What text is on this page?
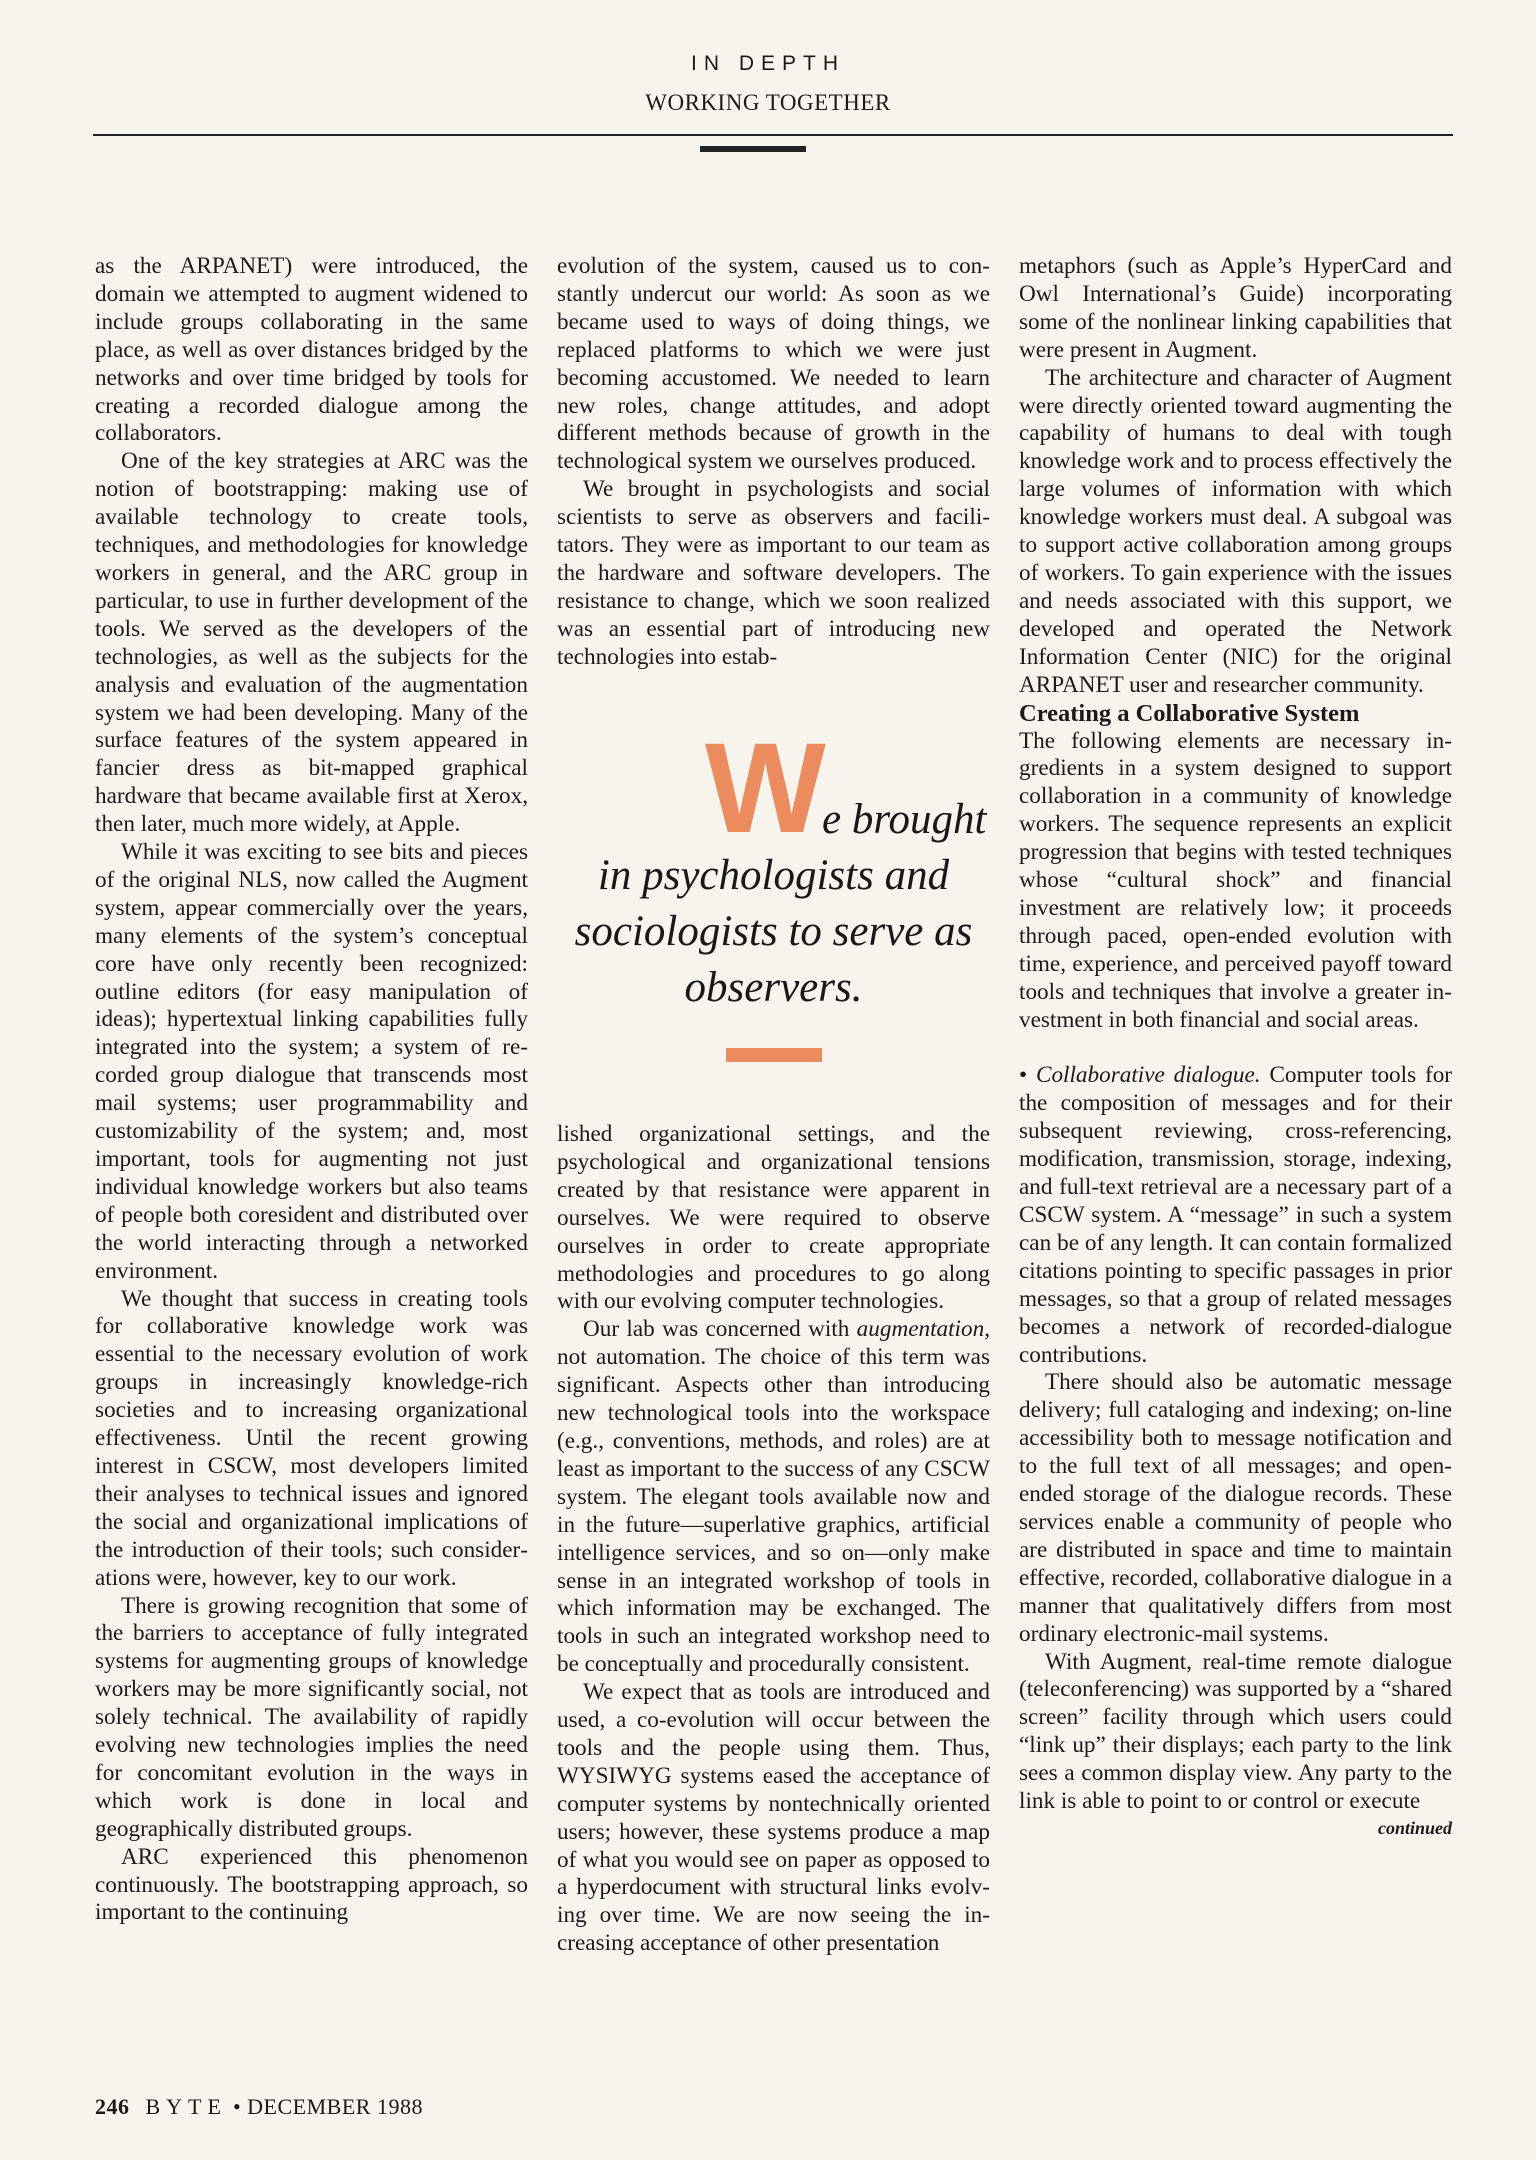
IN DEPTH
WORKING TOGETHER

as the ARPANET) were introduced, the domain we attempted to augment widened to include groups collaborating in the same place, as well as over distances bridged by the networks and over time bridged by tools for creating a recorded dialogue among the collaborators.

One of the key strategies at ARC was the notion of bootstrapping: making use of available technology to create tools, techniques, and methodologies for knowledge workers in general, and the ARC group in particular, to use in further development of the tools. We served as the developers of the technologies, as well as the subjects for the analysis and evaluation of the augmentation system we had been developing. Many of the surface features of the system appeared in fancier dress as bit-mapped graphical hardware that became available first at Xerox, then later, much more widely, at Apple.

While it was exciting to see bits and pieces of the original NLS, now called the Augment system, appear commercially over the years, many elements of the system’s conceptual core have only recently been recognized: outline editors (for easy manipulation of ideas); hypertextual linking capabilities fully integrated into the system; a system of recorded group dialogue that transcends most mail systems; user programmability and customizability of the system; and, most important, tools for augmenting not just individual knowledge workers but also teams of people both coresident and distributed over the world interacting through a networked environment.

We thought that success in creating tools for collaborative knowledge work was essential to the necessary evolution of work groups in increasingly knowledge-rich societies and to increasing organizational effectiveness. Until the recent growing interest in CSCW, most developers limited their analyses to technical issues and ignored the social and organizational implications of the introduction of their tools; such considerations were, however, key to our work.

There is growing recognition that some of the barriers to acceptance of fully integrated systems for augmenting groups of knowledge workers may be more significantly social, not solely technical. The availability of rapidly evolving new technologies implies the need for concomitant evolution in the ways in which work is done in local and geographically distributed groups.

ARC experienced this phenomenon continuously. The bootstrapping approach, so important to the continuing

evolution of the system, caused us to constantly undercut our world: As soon as we became used to ways of doing things, we replaced platforms to which we were just becoming accustomed. We needed to learn new roles, change attitudes, and adopt different methods because of growth in the technological system we ourselves produced.

We brought in psychologists and social scientists to serve as observers and facilitators. They were as important to our team as the hardware and software developers. The resistance to change, which we soon realized was an essential part of introducing new technologies into estab-

W
e brought
in psychologists and
sociologists to serve as
observers.

lished organizational settings, and the psychological and organizational tensions created by that resistance were apparent in ourselves. We were required to observe ourselves in order to create appropriate methodologies and procedures to go along with our evolving computer technologies.

Our lab was concerned with augmentation, not automation. The choice of this term was significant. Aspects other than introducing new technological tools into the workspace (e.g., conventions, methods, and roles) are at least as important to the success of any CSCW system. The elegant tools available now and in the future—superlative graphics, artificial intelligence services, and so on—only make sense in an integrated workshop of tools in which information may be exchanged. The tools in such an integrated workshop need to be conceptually and procedurally consistent.

We expect that as tools are introduced and used, a co-evolution will occur between the tools and the people using them. Thus, WYSIWYG systems eased the acceptance of computer systems by nontechnically oriented users; however, these systems produce a map of what you would see on paper as opposed to a hyperdocument with structural links evolving over time. We are now seeing the increasing acceptance of other presentation

metaphors (such as Apple’s HyperCard and Owl International’s Guide) incorporating some of the nonlinear linking capabilities that were present in Augment.

The architecture and character of Augment were directly oriented toward augmenting the capability of humans to deal with tough knowledge work and to process effectively the large volumes of information with which knowledge workers must deal. A subgoal was to support active collaboration among groups of workers. To gain experience with the issues and needs associated with this support, we developed and operated the Network Information Center (NIC) for the original ARPANET user and researcher community.

Creating a Collaborative System

The following elements are necessary ingredients in a system designed to support collaboration in a community of knowledge workers. The sequence represents an explicit progression that begins with tested techniques whose “cultural shock” and financial investment are relatively low; it proceeds through paced, open-ended evolution with time, experience, and perceived payoff toward tools and techniques that involve a greater investment in both financial and social areas.

• Collaborative dialogue. Computer tools for the composition of messages and for their subsequent reviewing, cross-referencing, modification, transmission, storage, indexing, and full-text retrieval are a necessary part of a CSCW system. A “message” in such a system can be of any length. It can contain formalized citations pointing to specific passages in prior messages, so that a group of related messages becomes a network of recorded-dialogue contributions.

There should also be automatic message delivery; full cataloging and indexing; on-line accessibility both to message notification and to the full text of all messages; and open-ended storage of the dialogue records. These services enable a community of people who are distributed in space and time to maintain effective, recorded, collaborative dialogue in a manner that qualitatively differs from most ordinary electronic-mail systems.

With Augment, real-time remote dialogue (teleconferencing) was supported by a “shared screen” facility through which users could “link up” their displays; each party to the link sees a common display view. Any party to the link is able to point to or control or execute

continued

246 BYTE • DECEMBER 1988
